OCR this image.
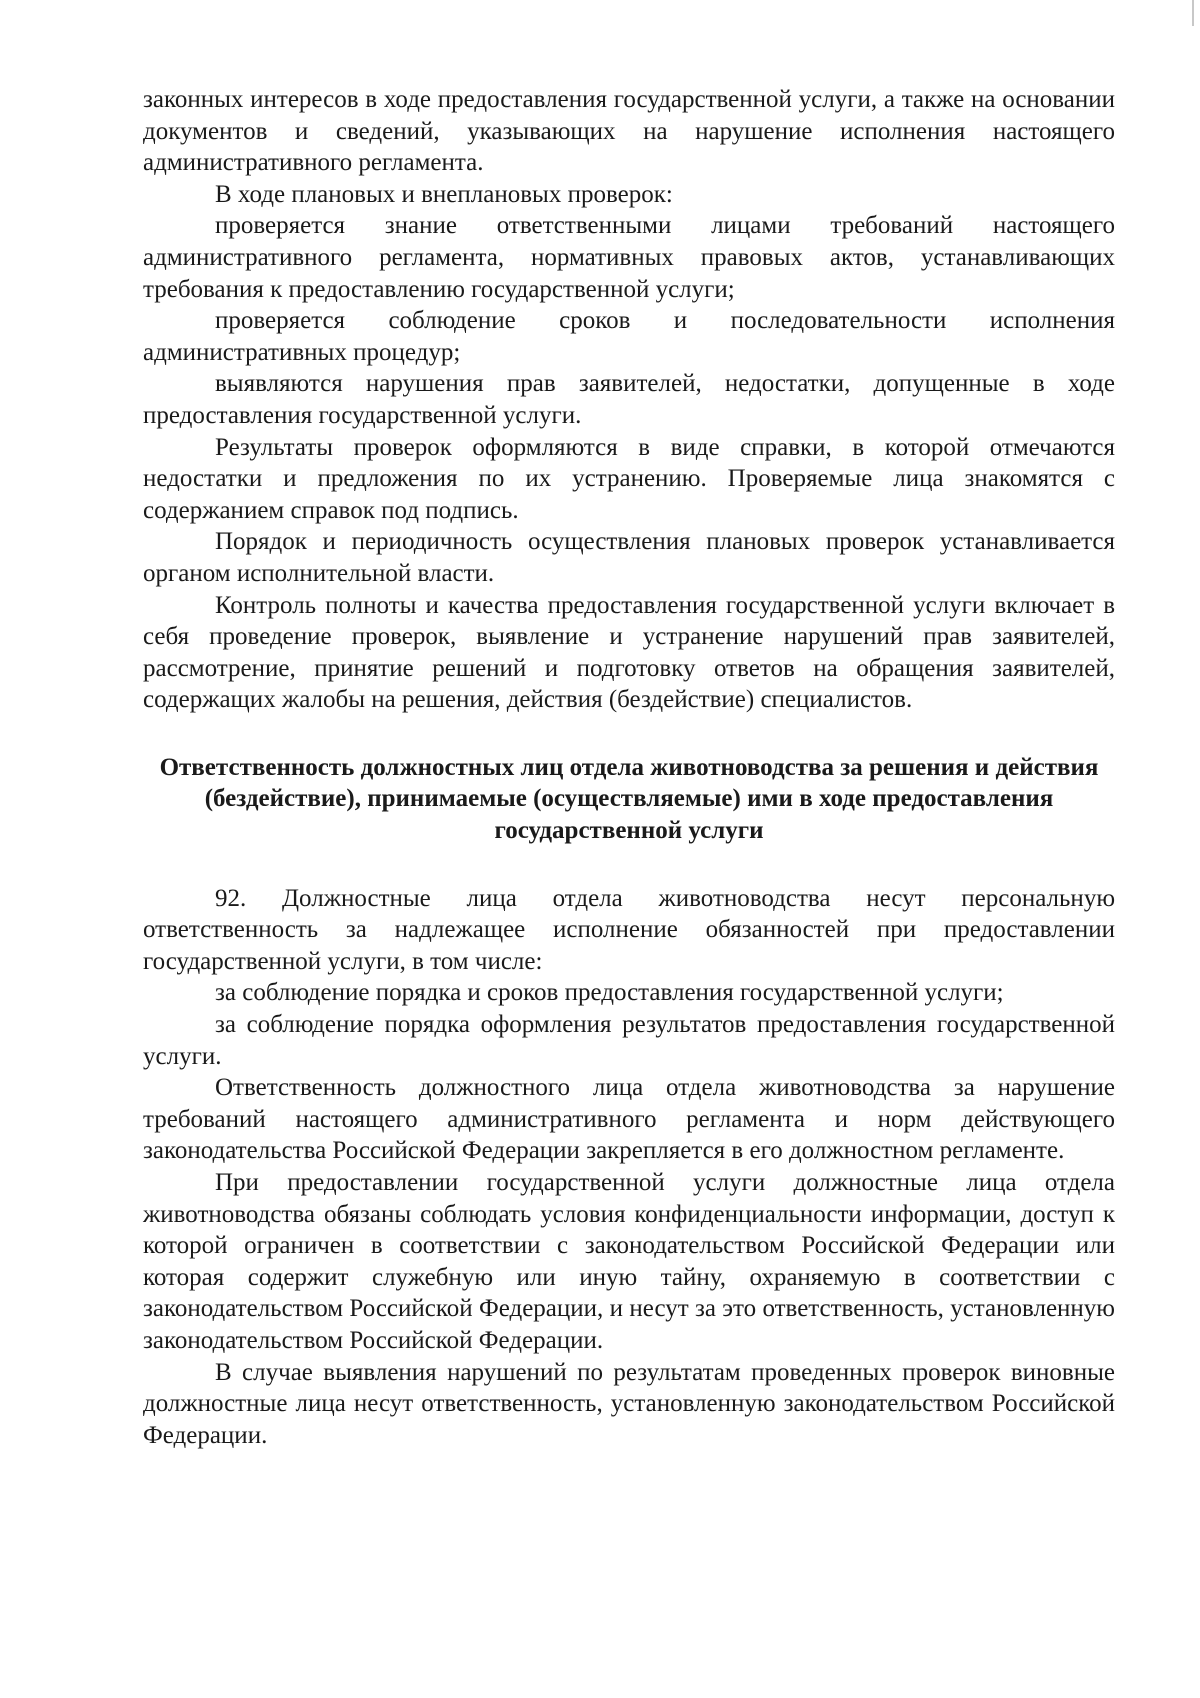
законных интересов в ходе предоставления государственной услуги, а также на основании документов и сведений, указывающих на нарушение исполнения настоящего административного регламента.

В ходе плановых и внеплановых проверок:

проверяется знание ответственными лицами требований настоящего административного регламента, нормативных правовых актов, устанавливающих требования к предоставлению государственной услуги;

проверяется соблюдение сроков и последовательности исполнения административных процедур;

выявляются нарушения прав заявителей, недостатки, допущенные в ходе предоставления государственной услуги.

Результаты проверок оформляются в виде справки, в которой отмечаются недостатки и предложения по их устранению. Проверяемые лица знакомятся с содержанием справок под подпись.

Порядок и периодичность осуществления плановых проверок устанавливается органом исполнительной власти.

Контроль полноты и качества предоставления государственной услуги включает в себя проведение проверок, выявление и устранение нарушений прав заявителей, рассмотрение, принятие решений и подготовку ответов на обращения заявителей, содержащих жалобы на решения, действия (бездействие) специалистов.

Ответственность должностных лиц отдела животноводства за решения и действия (бездействие), принимаемые (осуществляемые) ими в ходе предоставления государственной услуги

92. Должностные лица отдела животноводства несут персональную ответственность за надлежащее исполнение обязанностей при предоставлении государственной услуги, в том числе:

за соблюдение порядка и сроков предоставления государственной услуги;

за соблюдение порядка оформления результатов предоставления государственной услуги.

Ответственность должностного лица отдела животноводства за нарушение требований настоящего административного регламента и норм действующего законодательства Российской Федерации закрепляется в его должностном регламенте.

При предоставлении государственной услуги должностные лица отдела животноводства обязаны соблюдать условия конфиденциальности информации, доступ к которой ограничен в соответствии с законодательством Российской Федерации или которая содержит служебную или иную тайну, охраняемую в соответствии с законодательством Российской Федерации, и несут за это ответственность, установленную законодательством Российской Федерации.

В случае выявления нарушений по результатам проведенных проверок виновные должностные лица несут ответственность, установленную законодательством Российской Федерации.
